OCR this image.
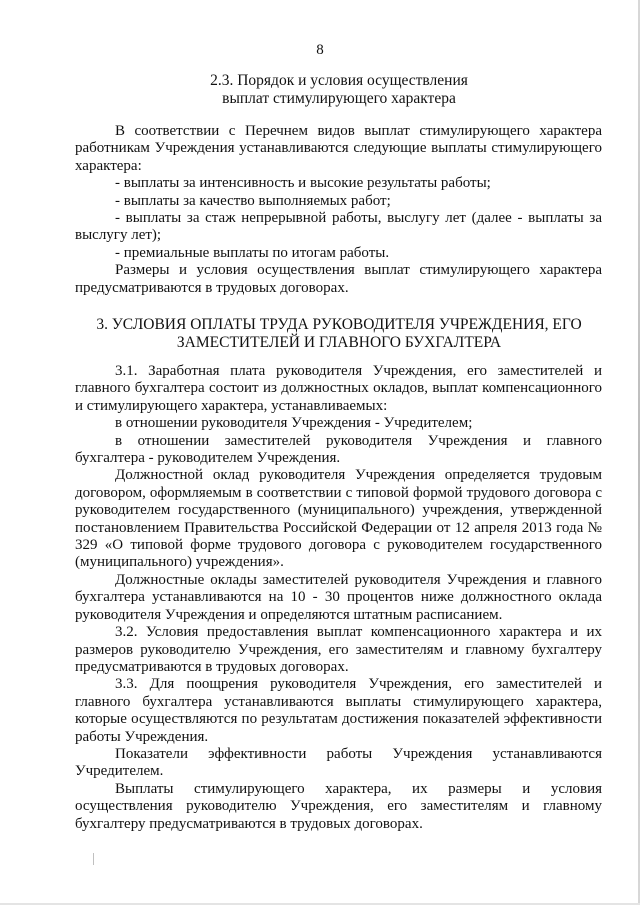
8
2.3. Порядок и условия осуществления
выплат стимулирующего характера

В соответствии с Перечнем видов выплат стимулирующего характера работникам Учреждения устанавливаются следующие выплаты стимулирующего характера:

- выплаты за интенсивность и высокие результаты работы;

- выплаты за качество выполняемых работ;

- выплаты за стаж непрерывной работы, выслугу лет (далее - выплаты за выслугу лет);

- премиальные выплаты по итогам работы.

Размеры и условия осуществления выплат стимулирующего характера предусматриваются в трудовых договорах.

3. УСЛОВИЯ ОПЛАТЫ ТРУДА РУКОВОДИТЕЛЯ УЧРЕЖДЕНИЯ, ЕГО
ЗАМЕСТИТЕЛЕЙ И ГЛАВНОГО БУХГАЛТЕРА

3.1. Заработная плата руководителя Учреждения, его заместителей и главного бухгалтера состоит из должностных окладов, выплат компенсационного и стимулирующего характера, устанавливаемых:

в отношении руководителя Учреждения - Учредителем;

в отношении заместителей руководителя Учреждения и главного бухгалтера - руководителем Учреждения.

Должностной оклад руководителя Учреждения определяется трудовым договором, оформляемым в соответствии с типовой формой трудового договора с руководителем государственного (муниципального) учреждения, утвержденной постановлением Правительства Российской Федерации от 12 апреля 2013 года № 329 «О типовой форме трудового договора с руководителем государственного (муниципального) учреждения».

Должностные оклады заместителей руководителя Учреждения и главного бухгалтера устанавливаются на 10 - 30 процентов ниже должностного оклада руководителя Учреждения и определяются штатным расписанием.

3.2. Условия предоставления выплат компенсационного характера и их размеров руководителю Учреждения, его заместителям и главному бухгалтеру предусматриваются в трудовых договорах.

3.3. Для поощрения руководителя Учреждения, его заместителей и главного бухгалтера устанавливаются выплаты стимулирующего характера, которые осуществляются по результатам достижения показателей эффективности работы Учреждения.

Показатели эффективности работы Учреждения устанавливаются Учредителем.

Выплаты стимулирующего характера, их размеры и условия осуществления руководителю Учреждения, его заместителям и главному бухгалтеру предусматриваются в трудовых договорах.
